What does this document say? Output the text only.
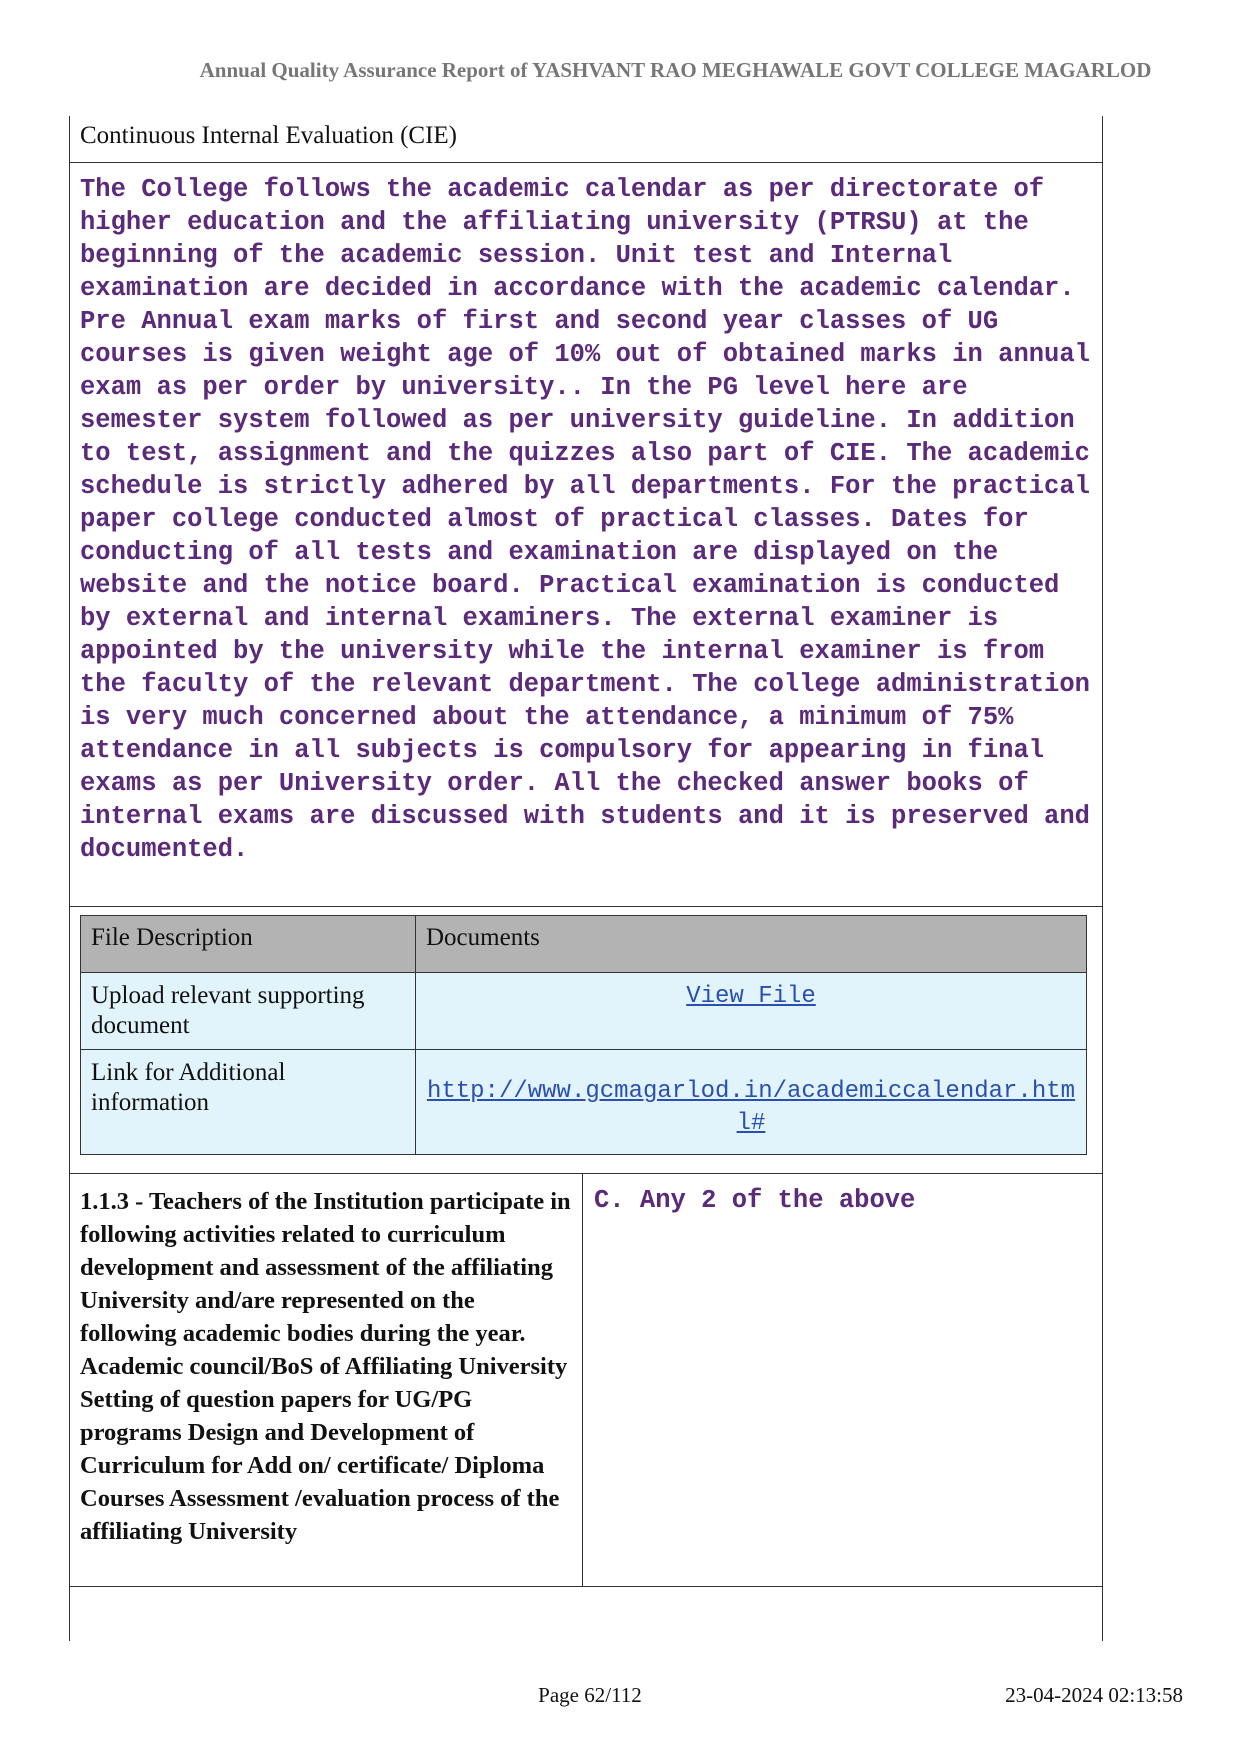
Annual Quality Assurance Report of YASHVANT RAO MEGHAWALE GOVT COLLEGE MAGARLOD
Continuous Internal Evaluation (CIE)
The College follows the academic calendar as per directorate of higher education and the affiliating university (PTRSU) at the beginning of the academic session. Unit test and Internal examination are decided in accordance with the academic calendar. Pre Annual exam marks of first and second year classes of UG courses is given weight age of 10% out of obtained marks in annual exam as per order by university.. In the PG level here are semester system followed as per university guideline. In addition to test, assignment and the quizzes also part of CIE. The academic schedule is strictly adhered by all departments. For the practical paper college conducted almost of practical classes. Dates for conducting of all tests and examination are displayed on the website and the notice board. Practical examination is conducted by external and internal examiners. The external examiner is appointed by the university while the internal examiner is from the faculty of the relevant department. The college administration is very much concerned about the attendance, a minimum of 75% attendance in all subjects is compulsory for appearing in final exams as per University order. All the checked answer books of internal exams are discussed with students and it is preserved and documented.
File Description	Documents
Upload relevant supporting document	View File
Link for Additional information	http://www.gcmagarlod.in/academiccalendar.html#
1.1.3 - Teachers of the Institution participate in following activities related to curriculum development and assessment of the affiliating University and/are represented on the following academic bodies during the year. Academic council/BoS of Affiliating University Setting of question papers for UG/PG programs Design and Development of Curriculum for Add on/ certificate/ Diploma Courses Assessment /evaluation process of the affiliating University
C. Any 2 of the above
Page 62/112	23-04-2024 02:13:58
